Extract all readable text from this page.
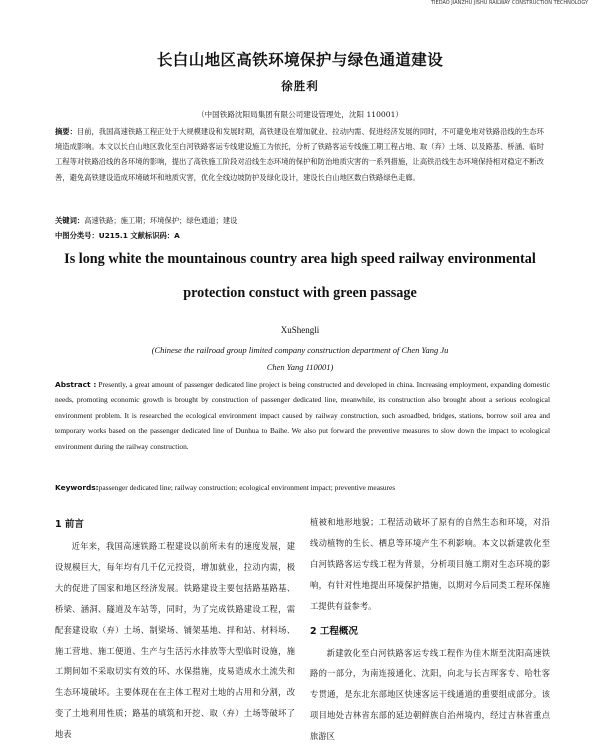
TIEDAO JIANZHU JISHU RAILWAY CONSTRUCTION TECHNOLOGY
长白山地区高铁环境保护与绿色通道建设
徐胜利
（中国铁路沈阳局集团有限公司建设管理处，沈阳 110001）
摘要：目前，我国高速铁路工程正处于大规模建设和发展时期，高铁建设在增加就业、拉动内需、促进经济发展的同时，不可避免地对铁路沿线的生态环境造成影响。本文以长白山地区敦化至白河铁路客运专线建设施工为依托，分析了铁路客运专线施工期工程占地、取（弃）土场、以及路基、桥涵、临时工程等对铁路沿线的各环境的影响，提出了高铁施工阶段对沿线生态环境的保护和防治地质灾害的一系列措施，让高铁沿线生态环境保持相对稳定不断改善，避免高铁建设造成环境破坏和地质灾害，优化全线边坡防护及绿化设计，建设长白山地区数白铁路绿色走廊。
关键词：高速铁路；施工期；环境保护；绿色通道；建设
中图分类号：U215.1 文献标识码：A
Is long white the mountainous country area high speed railway environmental
protection constuct with green passage
XuShengli
(Chinese the railroad group limited company construction department of Chen Yang Ju
Chen Yang 110001)
Abstract : Presently, a great amount of passenger dedicated line project is being constructed and developed in china. Increasing employment, expanding domestic needs, promoting economic growth is brought by construction of passenger dedicated line, meanwhile, its construction also brought about a serious ecological environment problem. It is researched the ecological environment impact caused by railway construction, such asroadbed, bridges, stations, borrow soil area and temporary works based on the passenger dedicated line of Dunhua to Baihe. We also put forward the preventive measures to slow down the impact to ecological environment during the railway construction.
Keywords:passenger dedicated line; railway construction; ecological environment impact; preventive measures
1 前言

近年来，我国高速铁路工程建设以前所未有的速度发展，建设规模巨大，每年均有几千亿元投资，增加就业，拉动内需，极大的促进了国家和地区经济发展。铁路建设主要包括路基路基、桥梁、涵洞、隧道及车站等，同时，为了完成铁路建设工程，需配套建设取（弃）土场、制梁场、铺架基地、拌和站、材料场、施工营地、施工便道、生产与生活污水排放等大型临时设施，施工期间如不采取切实有效的环、水保措施，皮易造成水土流失和生态环境破坏。主要体现在在主体工程对土地的占用和分割，改变了土地利用性质；路基的填筑和开挖、取（弃）土场等破坏了地表

植被和地形地貌；工程活动破坏了原有的自然生态和环境，对沿线动植物的生长、栖息等环境产生不利影响。本文以新建敦化至白河铁路客运专线工程为背景，分析项目施工期对生态环境的影响，有针对性地提出环境保护措施，以期对今后同类工程环保施工提供有益参考。

2 工程概况

新建敦化至白河铁路客运专线工程作为佳木斯至沈阳高速铁路的一部分，为南连接通化、沈阳，向北与长吉珲客专、哈牡客专贯通，是东北东部地区快速客运干线通道的重要组成部分。该项目地处吉林省东部的延边朝鲜族自治州境内，经过吉林省重点旅游区
